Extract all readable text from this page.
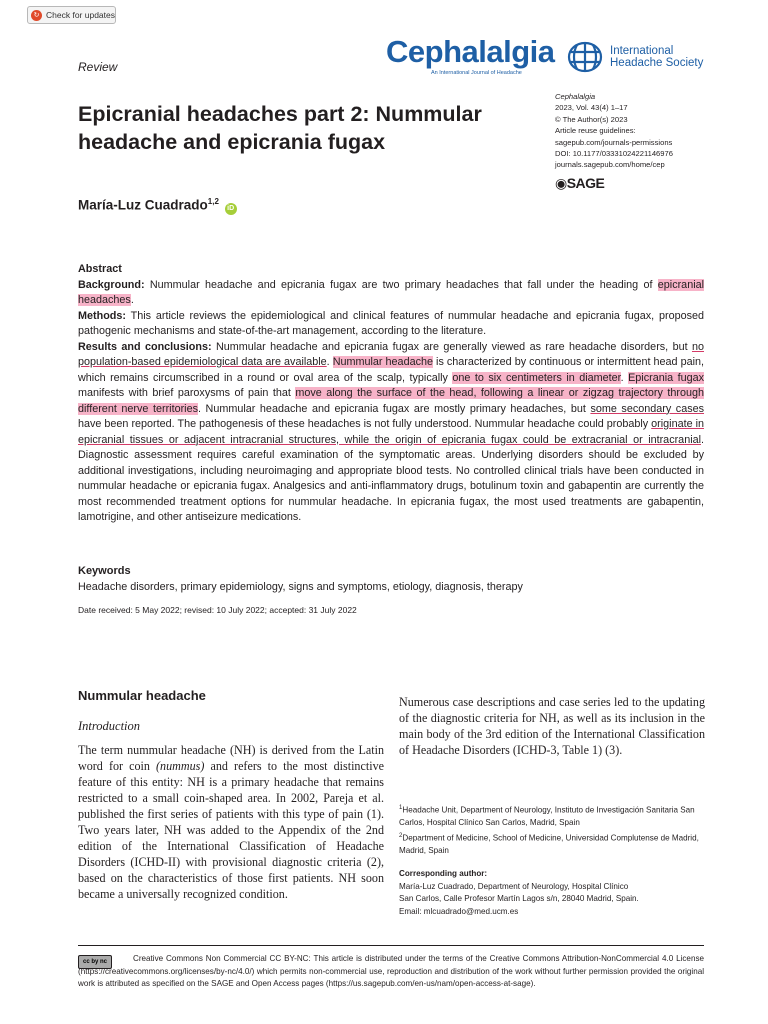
↻ Check for updates
Review	Cephalalgia
An International Journal of Headache
International
Headache Society
Epicranial headaches part 2: Nummular headache and epicrania fugax
Cephalalgia
2023, Vol. 43(4) 1–17
© The Author(s) 2023
Article reuse guidelines:
sagepub.com/journals-permissions
DOI: 10.1177/03331024221146976
journals.sagepub.com/home/cep
◉SAGE
María-Luz Cuadrado$^{1,2}$ iD

Abstract

Background: Nummular headache and epicrania fugax are two primary headaches that fall under the heading of epicranial headaches.

Methods: This article reviews the epidemiological and clinical features of nummular headache and epicrania fugax, proposed pathogenic mechanisms and state-of-the-art management, according to the literature.

Results and conclusions: Nummular headache and epicrania fugax are generally viewed as rare headache disorders, but no population-based epidemiological data are available. Nummular headache is characterized by continuous or intermittent head pain, which remains circumscribed in a round or oval area of the scalp, typically one to six centimeters in diameter. Epicrania fugax manifests with brief paroxysms of pain that move along the surface of the head, following a linear or zigzag trajectory through different nerve territories. Nummular headache and epicrania fugax are mostly primary headaches, but some secondary cases have been reported. The pathogenesis of these headaches is not fully understood. Nummular headache could probably originate in epicranial tissues or adjacent intracranial structures, while the origin of epicrania fugax could be extracranial or intracranial. Diagnostic assessment requires careful examination of the symptomatic areas. Underlying disorders should be excluded by additional investigations, including neuroimaging and appropriate blood tests. No controlled clinical trials have been conducted in nummular headache or epicrania fugax. Analgesics and anti-inflammatory drugs, botulinum toxin and gabapentin are currently the most recommended treatment options for nummular headache. In epicrania fugax, the most used treatments are gabapentin, lamotrigine, and other antiseizure medications.

Keywords
Headache disorders, primary epidemiology, signs and symptoms, etiology, diagnosis, therapy
Date received: 5 May 2022; revised: 10 July 2022; accepted: 31 July 2022
Nummular headache
Introduction
The term nummular headache (NH) is derived from the Latin word for coin (nummus) and refers to the most distinctive feature of this entity: NH is a primary headache that remains restricted to a small coin-shaped area. In 2002, Pareja et al. published the first series of patients with this type of pain (1). Two years later, NH was added to the Appendix of the 2nd edition of the International Classification of Headache Disorders (ICHD-II) with provisional diagnostic criteria (2), based on the characteristics of those first patients. NH soon became a universally recognized condition.
Numerous case descriptions and case series led to the updating of the diagnostic criteria for NH, as well as its inclusion in the main body of the 3rd edition of the International Classification of Headache Disorders (ICHD-3, Table 1) (3).
$^1$Headache Unit, Department of Neurology, Instituto de Investigación Sanitaria San Carlos, Hospital Clínico San Carlos, Madrid, Spain
$^2$Department of Medicine, School of Medicine, Universidad Complutense de Madrid, Madrid, Spain
Corresponding author:
María-Luz Cuadrado, Department of Neurology, Hospital Clínico
San Carlos, Calle Profesor Martín Lagos s/n, 28040 Madrid, Spain.
Email: mlcuadrado@med.ucm.es
cc by nc	Creative Commons Non Commercial CC BY-NC: This article is distributed under the terms of the Creative Commons Attribution-NonCommercial 4.0 License (https://creativecommons.org/licenses/by-nc/4.0/) which permits non-commercial use, reproduction and distribution of the work without further permission provided the original work is attributed as specified on the SAGE and Open Access pages (https://us.sagepub.com/en-us/nam/open-access-at-sage).
